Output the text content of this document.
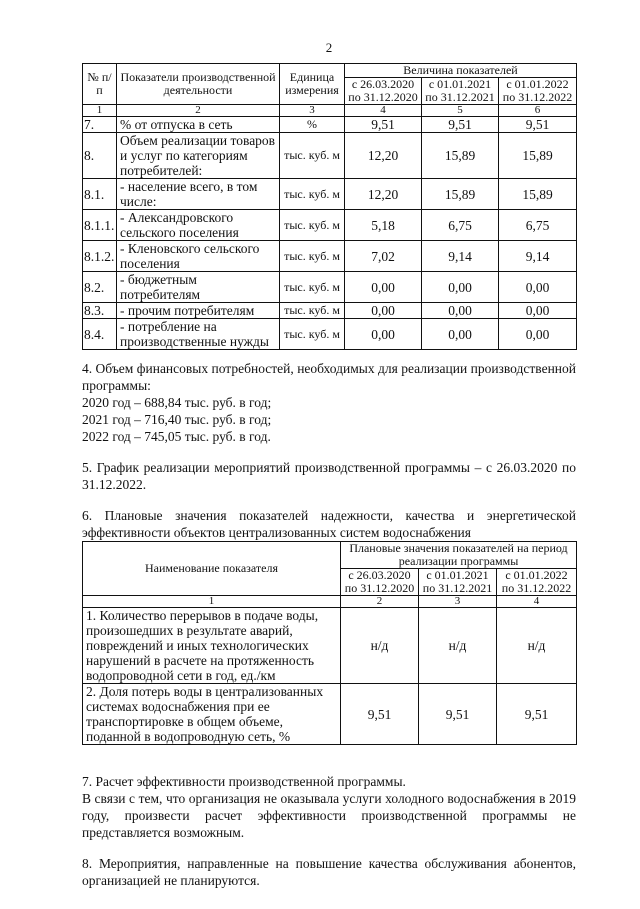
2
№ п/п	Показатели производственной деятельности	Единица измерения	Величина показателей		
			с 26.03.2020 по 31.12.2020	с 01.01.2021 по 31.12.2021	с 01.01.2022 по 31.12.2022
1	2	3	4	5	6
7.	% от отпуска в сеть	%	9,51	9,51	9,51
8.	Объем реализации товаров и услуг по категориям потребителей:	тыс. куб. м	12,20	15,89	15,89
8.1.	- население всего, в том числе:	тыс. куб. м	12,20	15,89	15,89
8.1.1.	- Александровского сельского поселения	тыс. куб. м	5,18	6,75	6,75
8.1.2.	- Кленовского сельского поселения	тыс. куб. м	7,02	9,14	9,14
8.2.	- бюджетным потребителям	тыс. куб. м	0,00	0,00	0,00
8.3.	- прочим потребителям	тыс. куб. м	0,00	0,00	0,00
8.4.	- потребление на производственные нужды	тыс. куб. м	0,00	0,00	0,00
4. Объем финансовых потребностей, необходимых для реализации производственной программы:
2020 год – 688,84 тыс. руб. в год;
2021 год – 716,40 тыс. руб. в год;
2022 год – 745,05 тыс. руб. в год.
5. График реализации мероприятий производственной программы – с 26.03.2020 по 31.12.2022.
6. Плановые значения показателей надежности, качества и энергетической эффективности объектов централизованных систем водоснабжения
Наименование показателя	Плановые значения показателей на период реализации программы		
	с 26.03.2020 по 31.12.2020	с 01.01.2021 по 31.12.2021	с 01.01.2022 по 31.12.2022
1	2	3	4
1. Количество перерывов в подаче воды, произошедших в результате аварий, повреждений и иных технологических нарушений в расчете на протяженность водопроводной сети в год, ед./км	н/д	н/д	н/д
2. Доля потерь воды в централизованных системах водоснабжения при ее транспортировке в общем объеме, поданной в водопроводную сеть, %	9,51	9,51	9,51
7. Расчет эффективности производственной программы.
В связи с тем, что организация не оказывала услуги холодного водоснабжения в 2019 году, произвести расчет эффективности производственной программы не представляется возможным.
8. Мероприятия, направленные на повышение качества обслуживания абонентов, организацией не планируются.
